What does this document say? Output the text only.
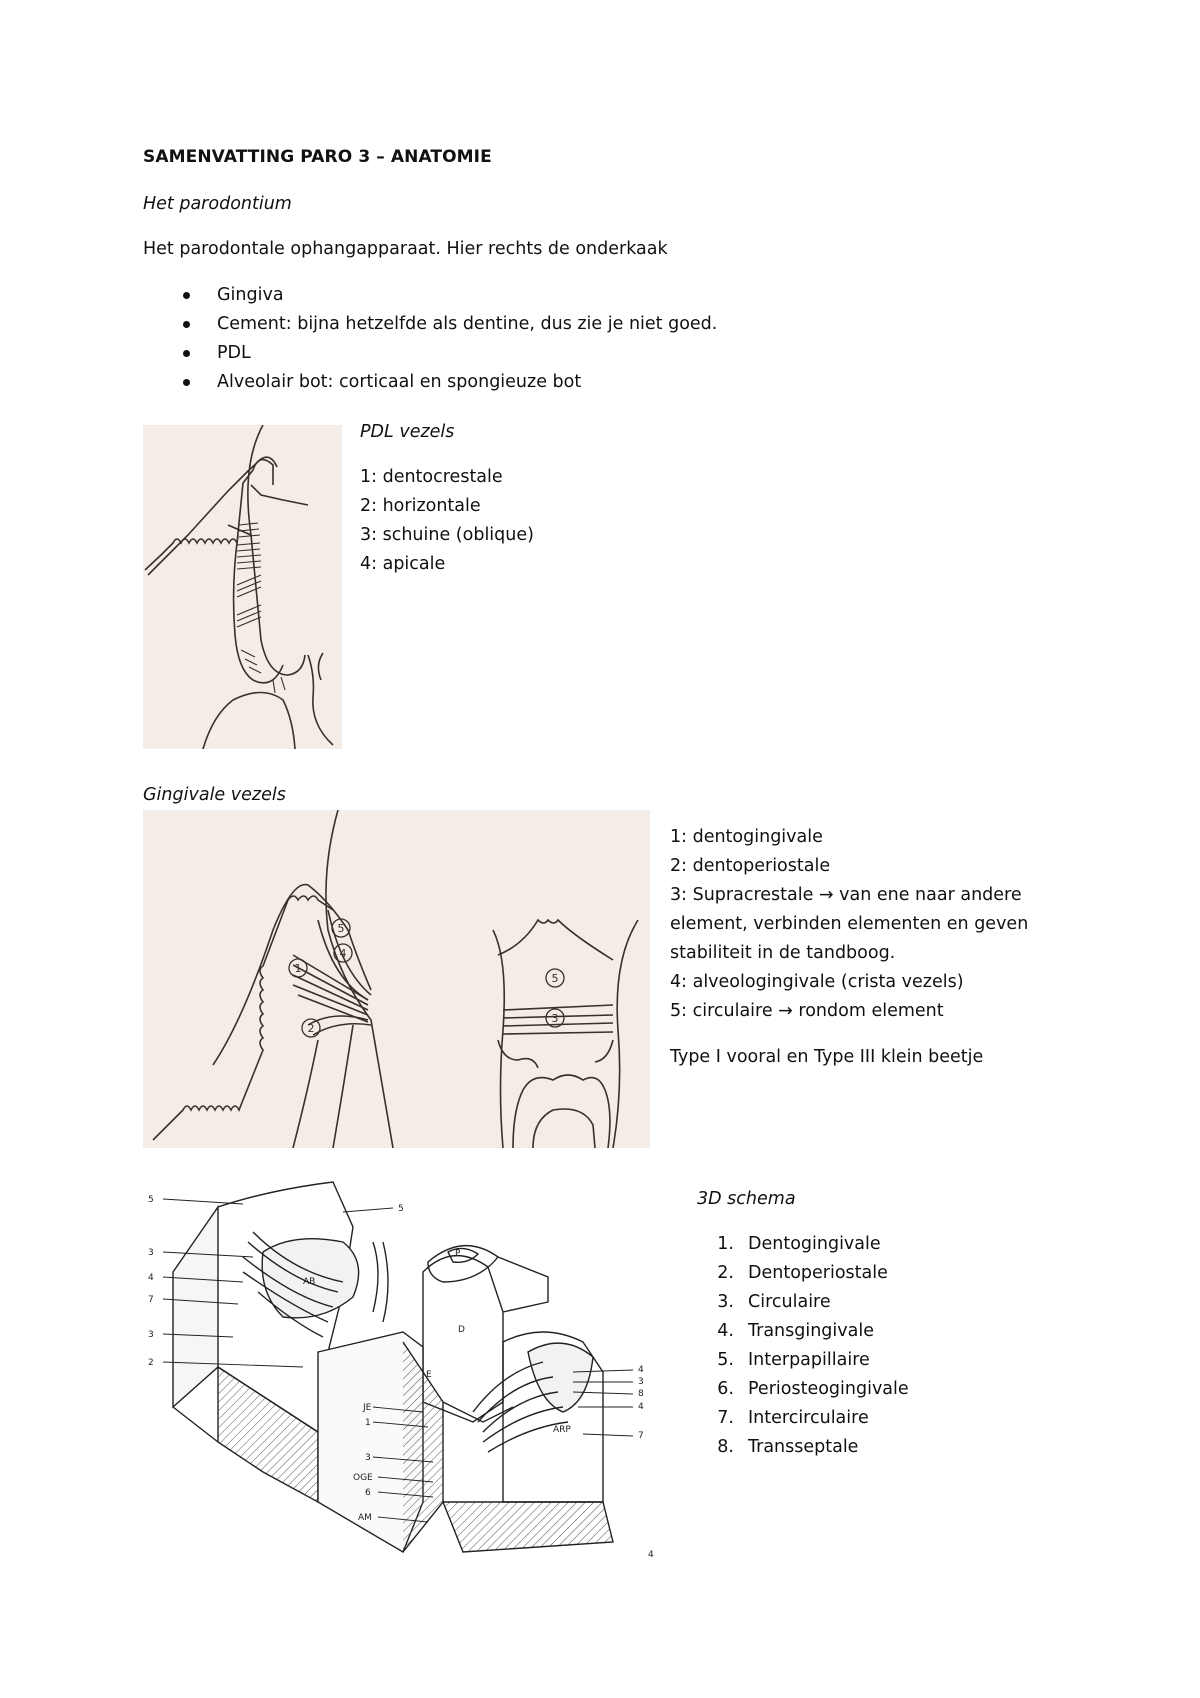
SAMENVATTING PARO 3 – ANATOMIE
Het parodontium
Het parodontale ophangapparaat. Hier rechts de onderkaak
Gingiva
Cement: bijna hetzelfde als dentine, dus zie je niet goed.
PDL
Alveolair bot: corticaal en spongieuze bot
PDL vezels
1: dentocrestale
2: horizontale
3: schuine (oblique)
4: apicale
Gingivale vezels
1
2
3
4
5
5
1: dentogingivale
2: dentoperiostale
3: Supracrestale → van ene naar andere element, verbinden elementen en geven stabiliteit in de tandboog.
4: alveologingivale (crista vezels)
5: circulaire → rondom element
Type I vooral en Type III klein beetje
5
3
4
7
3
2
5
JE
1
3
OGE
6
AM
4
3
8
4
7
AB
P
D
E
ARP
4
3D schema
1. Dentogingivale
2. Dentoperiostale
3. Circulaire
4. Transgingivale
5. Interpapillaire
6. Periosteogingivale
7. Intercirculaire
8. Transseptale
